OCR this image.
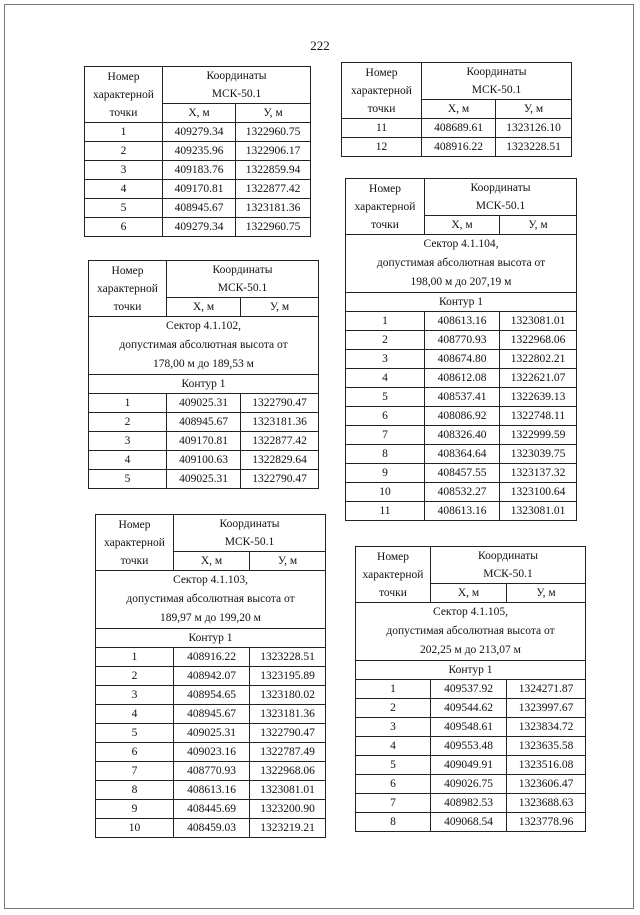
222
Номер
характерной
точки	Координаты
МСК-50.1	

	Х, м	У, м
1	409279.34	1322960.75
2	409235.96	1322906.17
3	409183.76	1322859.94
4	409170.81	1322877.42
5	408945.67	1323181.36
6	409279.34	1322960.75
Номер
характерной
точки	Координаты
МСК-50.1	

	Х, м	У, м
11	408689.61	1323126.10
12	408916.22	1323228.51
Номер
характерной
точки	Координаты
МСК-50.1	

	Х, м	У, м

Сектор 4.1.102,
допустимая абсолютная высота от
178,00 м до 189,53 м		

Контур 1		
1	409025.31	1322790.47
2	408945.67	1323181.36
3	409170.81	1322877.42
4	409100.63	1322829.64
5	409025.31	1322790.47
Номер
характерной
точки	Координаты
МСК-50.1	

	Х, м	У, м

Сектор 4.1.104,
допустимая абсолютная высота от
198,00 м до 207,19 м		

Контур 1		
1	408613.16	1323081.01
2	408770.93	1322968.06
3	408674.80	1322802.21
4	408612.08	1322621.07
5	408537.41	1322639.13
6	408086.92	1322748.11
7	408326.40	1322999.59
8	408364.64	1323039.75
9	408457.55	1323137.32
10	408532.27	1323100.64
11	408613.16	1323081.01
Номер
характерной
точки	Координаты
МСК-50.1	

	Х, м	У, м

Сектор 4.1.103,
допустимая абсолютная высота от
189,97 м до 199,20 м		

Контур 1		
1	408916.22	1323228.51
2	408942.07	1323195.89
3	408954.65	1323180.02
4	408945.67	1323181.36
5	409025.31	1322790.47
6	409023.16	1322787.49
7	408770.93	1322968.06
8	408613.16	1323081.01
9	408445.69	1323200.90
10	408459.03	1323219.21
Номер
характерной
точки	Координаты
МСК-50.1	

	Х, м	У, м

Сектор 4.1.105,
допустимая абсолютная высота от
202,25 м до 213,07 м		

Контур 1		
1	409537.92	1324271.87
2	409544.62	1323997.67
3	409548.61	1323834.72
4	409553.48	1323635.58
5	409049.91	1323516.08
6	409026.75	1323606.47
7	408982.53	1323688.63
8	409068.54	1323778.96
